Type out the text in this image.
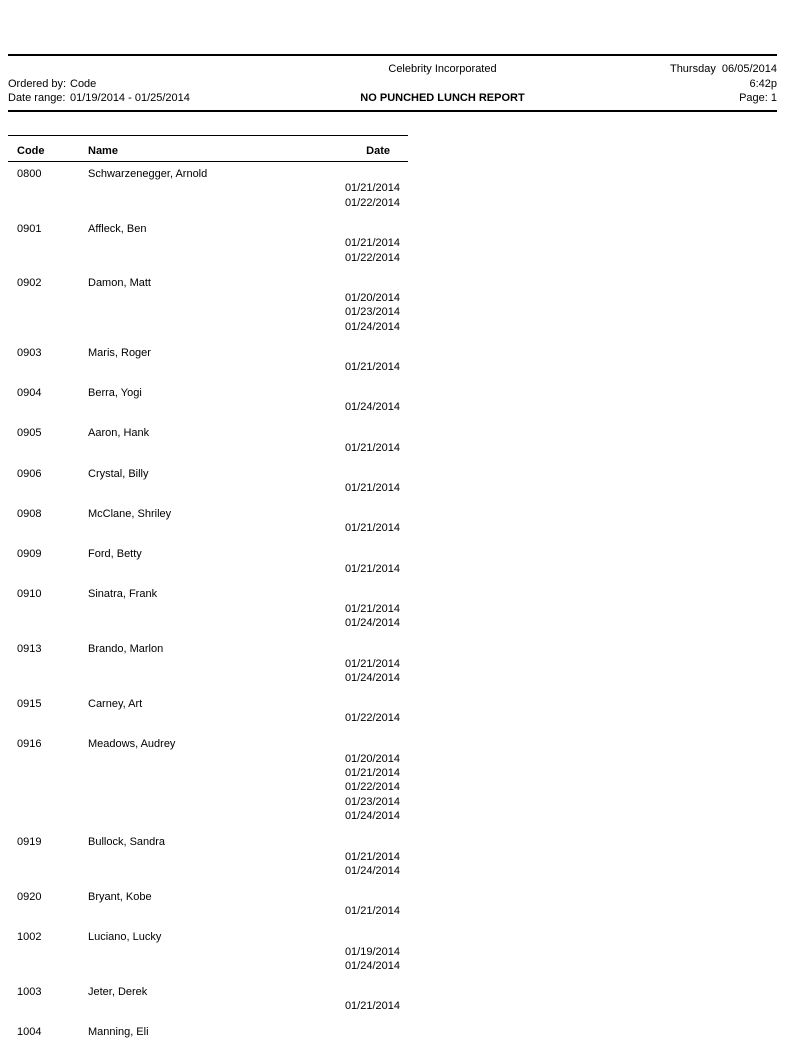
Celebrity Incorporated	Thursday  06/05/2014
Ordered by: Code	6:42p
Date range: 01/19/2014 - 01/25/2014	NO PUNCHED LUNCH REPORT	Page: 1
Code	Name	Date
0800	Schwarzenegger, Arnold
01/21/2014
01/22/2014
0901	Affleck, Ben
01/21/2014
01/22/2014
0902	Damon, Matt
01/20/2014
01/23/2014
01/24/2014
0903	Maris, Roger
01/21/2014
0904	Berra, Yogi
01/24/2014
0905	Aaron, Hank
01/21/2014
0906	Crystal, Billy
01/21/2014
0908	McClane, Shriley
01/21/2014
0909	Ford, Betty
01/21/2014
0910	Sinatra, Frank
01/21/2014
01/24/2014
0913	Brando, Marlon
01/21/2014
01/24/2014
0915	Carney, Art
01/22/2014
0916	Meadows, Audrey
01/20/2014
01/21/2014
01/22/2014
01/23/2014
01/24/2014
0919	Bullock, Sandra
01/21/2014
01/24/2014
0920	Bryant, Kobe
01/21/2014
1002	Luciano, Lucky
01/19/2014
01/24/2014
1003	Jeter, Derek
01/21/2014
1004	Manning, Eli
